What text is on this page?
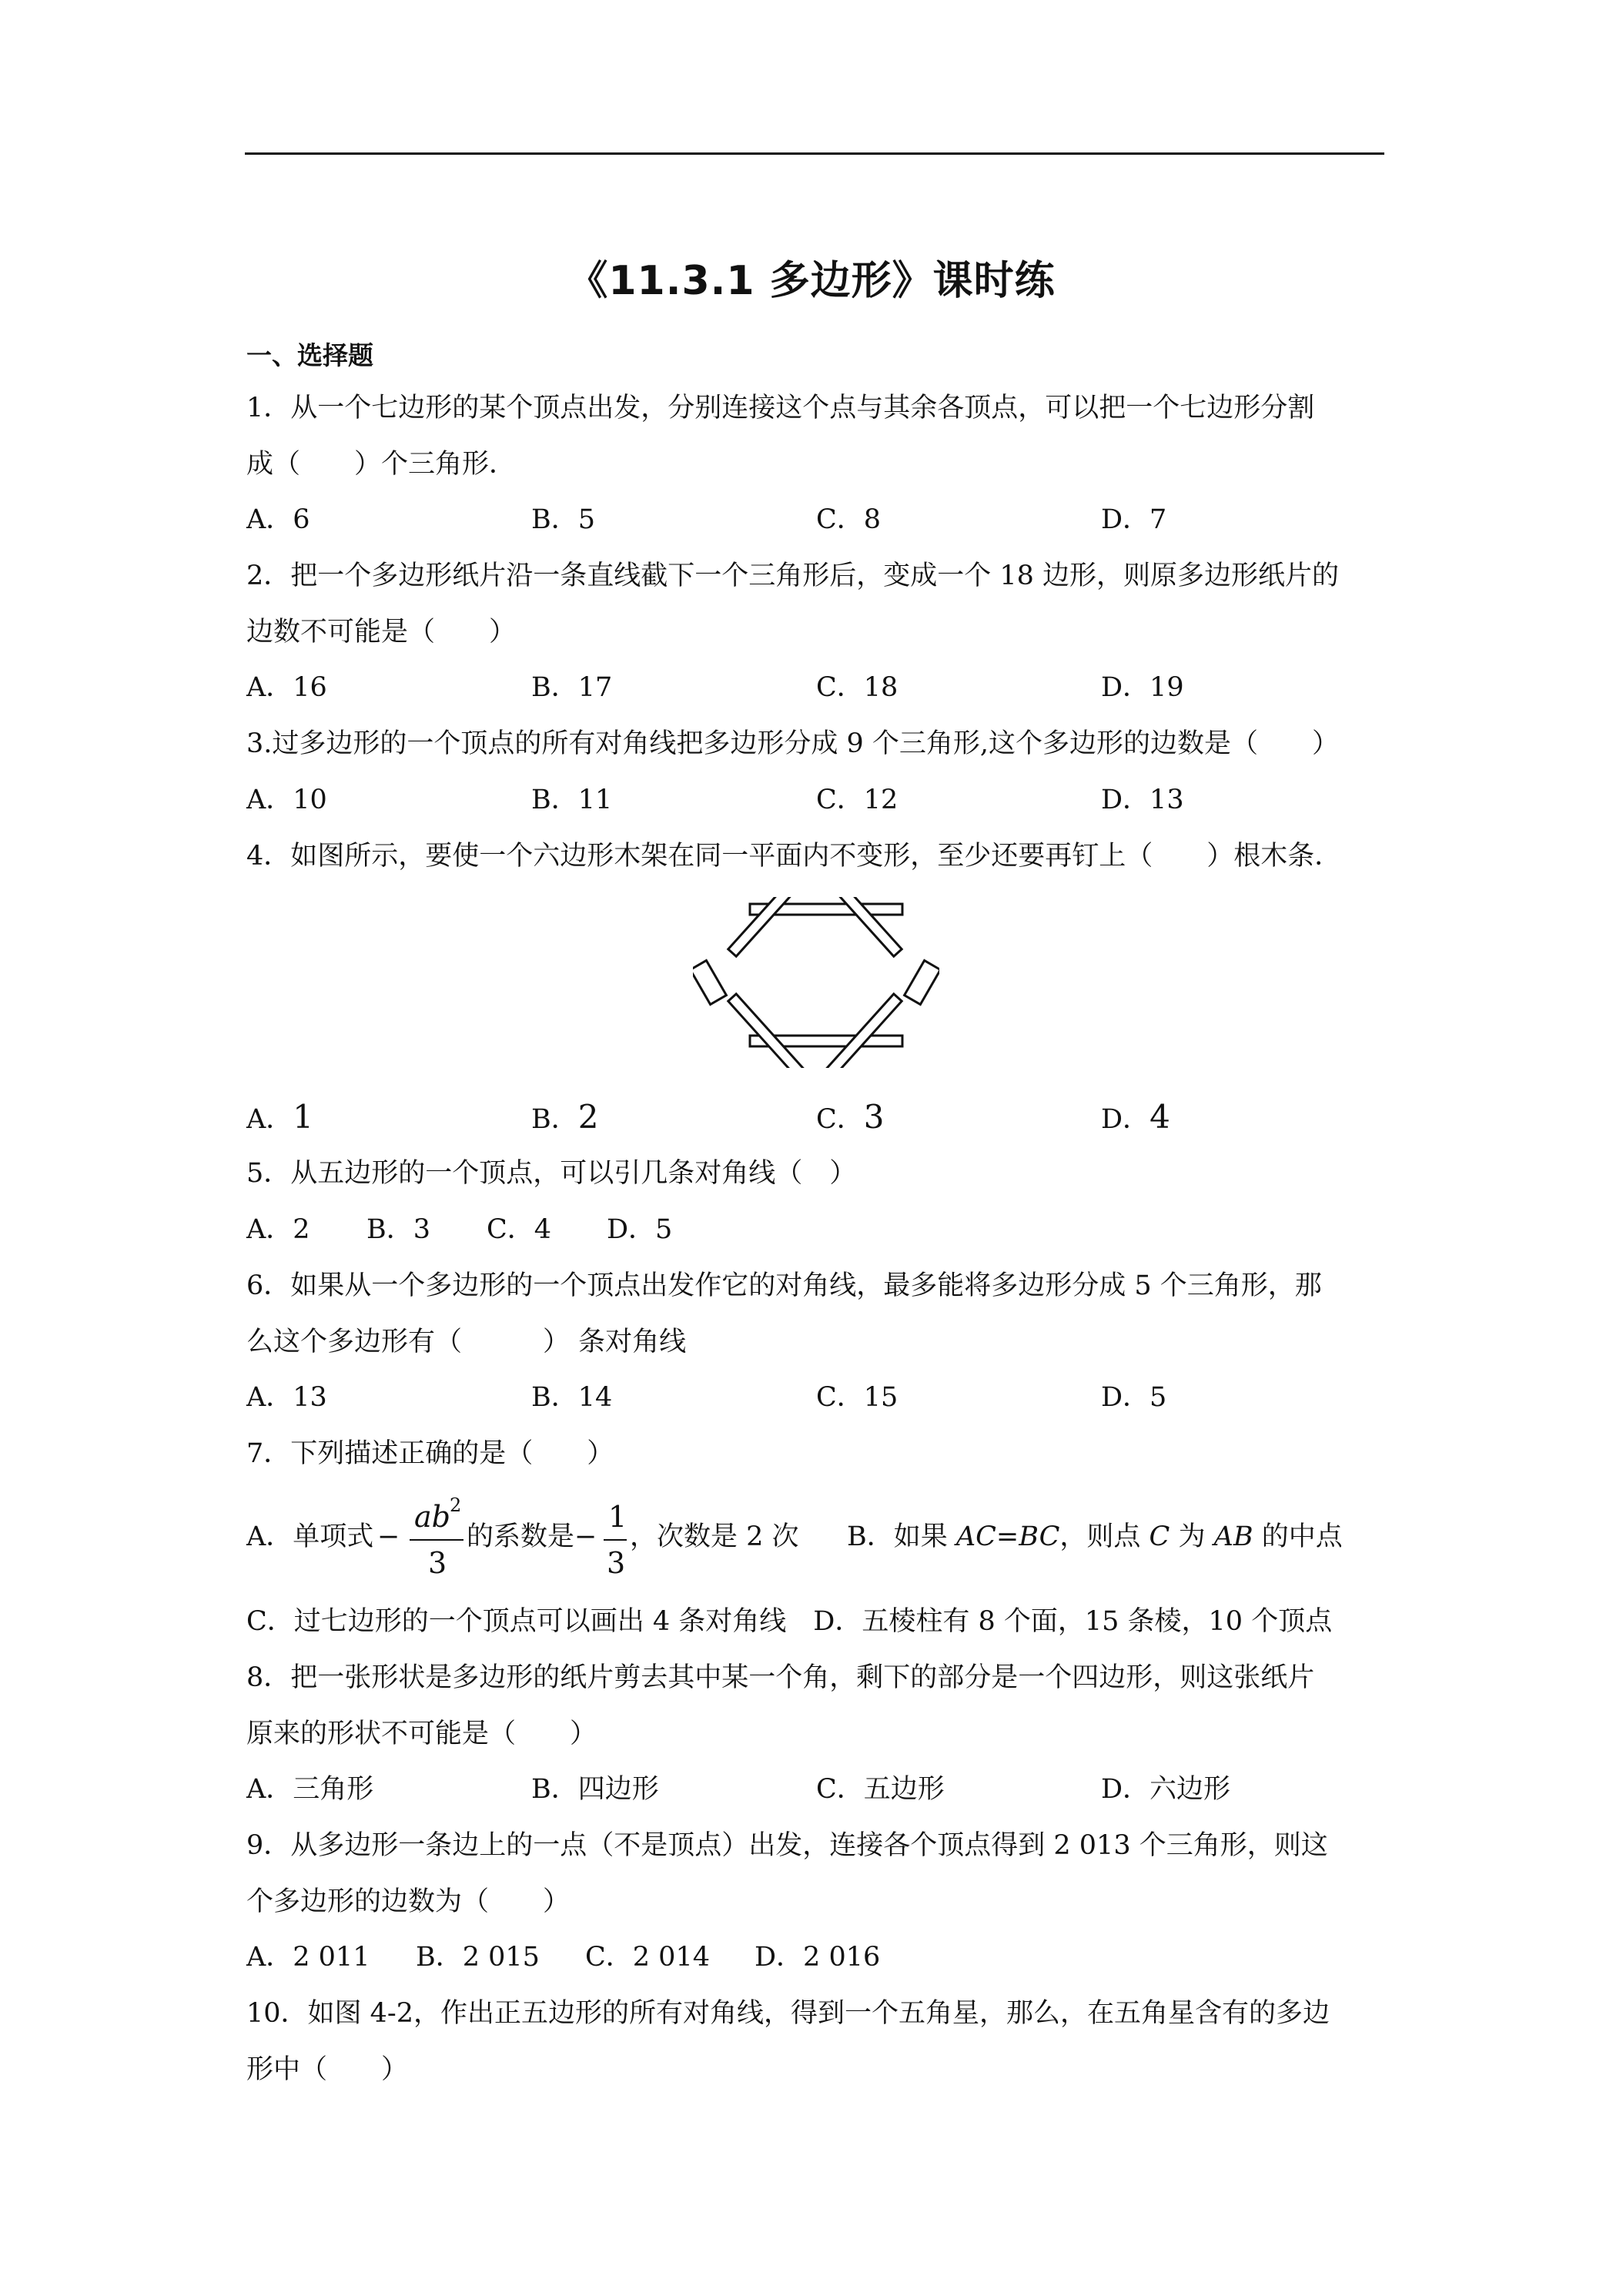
《11.3.1 多边形》课时练
一、选择题
1．从一个七边形的某个顶点出发，分别连接这个点与其余各顶点，可以把一个七边形分割
成（　　）个三角形．
A．6	B．5	C．8	D．7
2．把一个多边形纸片沿一条直线截下一个三角形后，变成一个 18 边形，则原多边形纸片的
边数不可能是（　　）
A．16	B．17	C．18	D．19
3.过多边形的一个顶点的所有对角线把多边形分成 9 个三角形,这个多边形的边数是（　　）
A．10	B．11	C．12	D．13
4．如图所示，要使一个六边形木架在同一平面内不变形，至少还要再钉上（　　）根木条．
A．1	B．2	C．3	D．4
5．从五边形的一个顶点，可以引几条对角线（　）
A．2 B．3 C．4 D．5
6．如果从一个多边形的一个顶点出发作它的对角线，最多能将多边形分成 5 个三角形，那
么这个多边形有（　　　） 条对角线
A．13	B．14	C．15	D．5
7．下列描述正确的是（　　）
A．单项式 −
ab 2
3
的系数是 −
1
3
，次数是 2 次 B．如果 AC=BC，则点 C 为 AB 的中点
C．过七边形的一个顶点可以画出 4 条对角线　D．五棱柱有 8 个面，15 条棱，10 个顶点
8．把一张形状是多边形的纸片剪去其中某一个角，剩下的部分是一个四边形，则这张纸片
原来的形状不可能是（　　）
A．三角形	B．四边形	C．五边形	D．六边形
9．从多边形一条边上的一点（不是顶点）出发，连接各个顶点得到 2 013 个三角形，则这
个多边形的边数为（　　）
A．2 011 B．2 015 C．2 014 D．2 016
10．如图 4-2，作出正五边形的所有对角线，得到一个五角星，那么，在五角星含有的多边
形中（　　）
